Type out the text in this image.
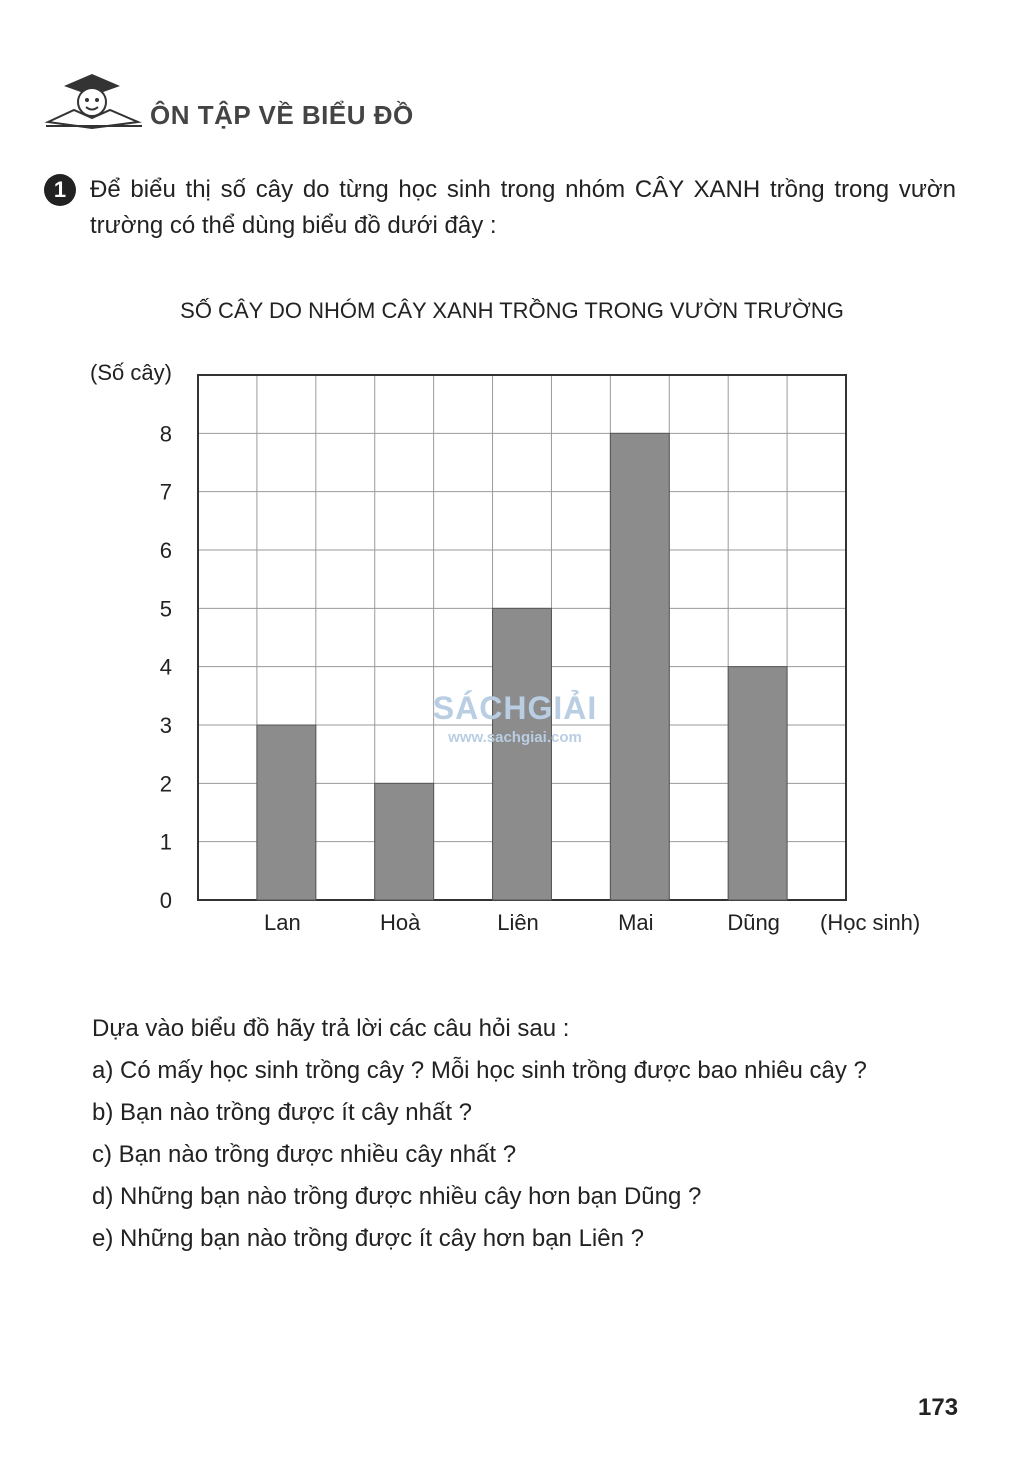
ÔN TẬP VỀ BIỂU ĐỒ
1 Để biểu thị số cây do từng học sinh trong nhóm CÂY XANH trồng trong vườn trường có thể dùng biểu đồ dưới đây :
SỐ CÂY DO NHÓM CÂY XANH TRỒNG TRONG VƯỜN TRƯỜNG
Lan	Hoà	Liên	Mai	Dũng
0
1
2
3
4
5
6
7
8
(Số cây)
(Học sinh)
SÁCHGIẢI
www.sachgiai.com
Dựa vào biểu đồ hãy trả lời các câu hỏi sau :
a) Có mấy học sinh trồng cây ? Mỗi học sinh trồng được bao nhiêu cây ?
b) Bạn nào trồng được ít cây nhất ?
c) Bạn nào trồng được nhiều cây nhất ?
d) Những bạn nào trồng được nhiều cây hơn bạn Dũng ?
e) Những bạn nào trồng được ít cây hơn bạn Liên ?
173
